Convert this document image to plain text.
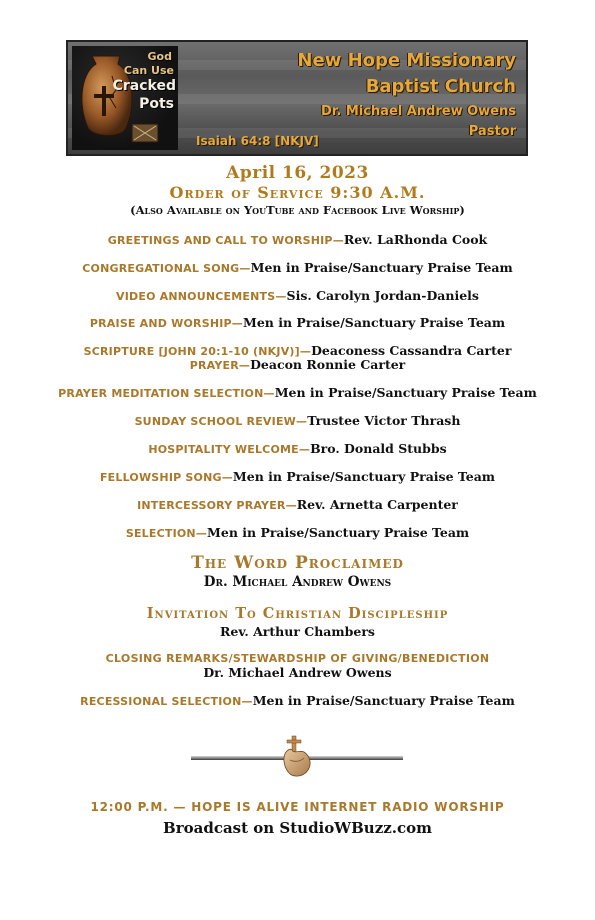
God
Can Use
Cracked
Pots
New Hope Missionary
Baptist Church
Dr. Michael Andrew Owens
Pastor
Isaiah 64:8 [NKJV]
April 16, 2023
Order of Service 9:30 A.M.
(Also Available on YouTube and Facebook Live Worship)
GREETINGS AND CALL TO WORSHIP—Rev. LaRhonda Cook
CONGREGATIONAL SONG—Men in Praise/Sanctuary Praise Team
VIDEO ANNOUNCEMENTS—Sis. Carolyn Jordan-Daniels
PRAISE AND WORSHIP—Men in Praise/Sanctuary Praise Team
SCRIPTURE [JOHN 20:1-10 (NKJV)]—Deaconess Cassandra Carter
PRAYER—Deacon Ronnie Carter
PRAYER MEDITATION SELECTION—Men in Praise/Sanctuary Praise Team
SUNDAY SCHOOL REVIEW—Trustee Victor Thrash
HOSPITALITY WELCOME—Bro. Donald Stubbs
FELLOWSHIP SONG—Men in Praise/Sanctuary Praise Team
INTERCESSORY PRAYER—Rev. Arnetta Carpenter
SELECTION—Men in Praise/Sanctuary Praise Team
The Word Proclaimed
Dr. Michael Andrew Owens
Invitation To Christian Discipleship
Rev. Arthur Chambers
CLOSING REMARKS/STEWARDSHIP OF GIVING/BENEDICTION
Dr. Michael Andrew Owens
RECESSIONAL SELECTION—Men in Praise/Sanctuary Praise Team
12:00 P.M. — HOPE IS ALIVE INTERNET RADIO WORSHIP
Broadcast on StudioWBuzz.com
